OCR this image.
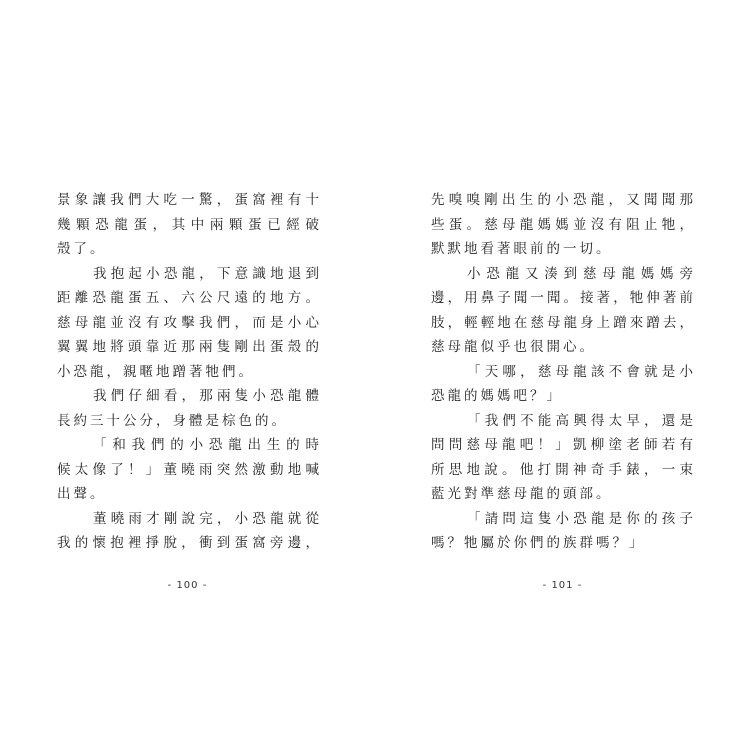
景象讓我們大吃一驚，蛋窩裡有十
幾顆恐龍蛋，其中兩顆蛋已經破
殼了。
我抱起小恐龍，下意識地退到
距離恐龍蛋五、六公尺遠的地方。
慈母龍並沒有攻擊我們，而是小心
翼翼地將頭靠近那兩隻剛出蛋殼的
小恐龍，親暱地蹭著牠們。
我們仔細看，那兩隻小恐龍體
長約三十公分，身體是棕色的。
「和我們的小恐龍出生的時
候太像了！」董曉雨突然激動地喊
出聲。
董曉雨才剛說完，小恐龍就從
我的懷抱裡掙脫，衝到蛋窩旁邊，
- 100 -
先嗅嗅剛出生的小恐龍，又聞聞那
些蛋。慈母龍媽媽並沒有阻止牠，
默默地看著眼前的一切。
小恐龍又湊到慈母龍媽媽旁
邊，用鼻子聞一聞。接著，牠伸著前
肢，輕輕地在慈母龍身上蹭來蹭去，
慈母龍似乎也很開心。
「天哪，慈母龍該不會就是小
恐龍的媽媽吧？」
「我們不能高興得太早，還是
問問慈母龍吧！」凱柳塗老師若有
所思地說。他打開神奇手錶，一束
藍光對準慈母龍的頭部。
「請問這隻小恐龍是你的孩子
嗎？牠屬於你們的族群嗎？」
- 101 -
